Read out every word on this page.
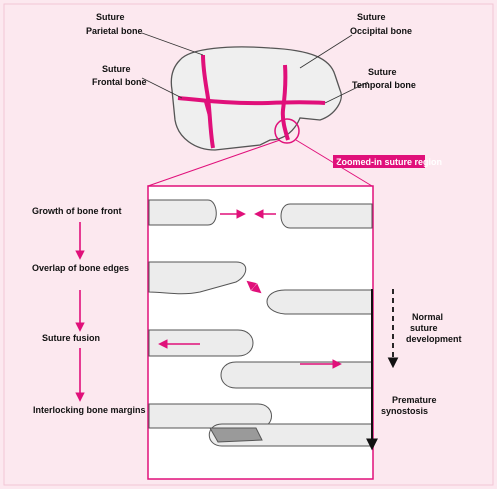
Suture
Parietal bone
Suture
Frontal bone
Suture
Occipital bone
Suture
Temporal bone
Zoomed-in suture region
Growth of bone front
Overlap of bone edges
Suture fusion
Interlocking bone margins
Normal
suture
development
Premature
synostosis
